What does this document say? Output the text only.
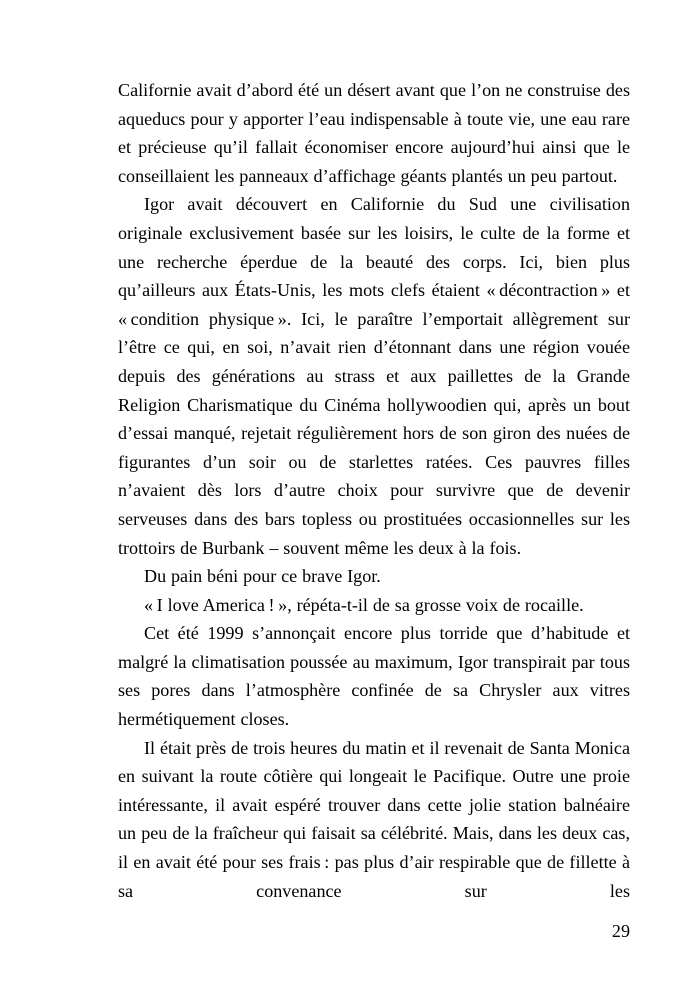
Californie avait d’abord été un désert avant que l’on ne construise des aqueducs pour y apporter l’eau indispensable à toute vie, une eau rare et précieuse qu’il fallait économiser encore aujourd’hui ainsi que le conseillaient les panneaux d’affichage géants plantés un peu partout.

Igor avait découvert en Californie du Sud une civilisation originale exclusivement basée sur les loisirs, le culte de la forme et une recherche éperdue de la beauté des corps. Ici, bien plus qu’ailleurs aux États-Unis, les mots clefs étaient « décontraction » et « condition physique ». Ici, le paraître l’emportait allègrement sur l’être ce qui, en soi, n’avait rien d’étonnant dans une région vouée depuis des générations au strass et aux paillettes de la Grande Religion Charismatique du Cinéma hollywoodien qui, après un bout d’essai manqué, rejetait régulièrement hors de son giron des nuées de figurantes d’un soir ou de starlettes ratées. Ces pauvres filles n’avaient dès lors d’autre choix pour survivre que de devenir serveuses dans des bars topless ou prostituées occasionnelles sur les trottoirs de Burbank – souvent même les deux à la fois.

Du pain béni pour ce brave Igor.

« I love America ! », répéta-t-il de sa grosse voix de rocaille.

Cet été 1999 s’annonçait encore plus torride que d’habitude et malgré la climatisation poussée au maximum, Igor transpirait par tous ses pores dans l’atmosphère confinée de sa Chrysler aux vitres hermétiquement closes.

Il était près de trois heures du matin et il revenait de Santa Monica en suivant la route côtière qui longeait le Pacifique. Outre une proie intéressante, il avait espéré trouver dans cette jolie station balnéaire un peu de la fraîcheur qui faisait sa célébrité. Mais, dans les deux cas, il en avait été pour ses frais : pas plus d’air respirable que de fillette à sa convenance sur les

29
